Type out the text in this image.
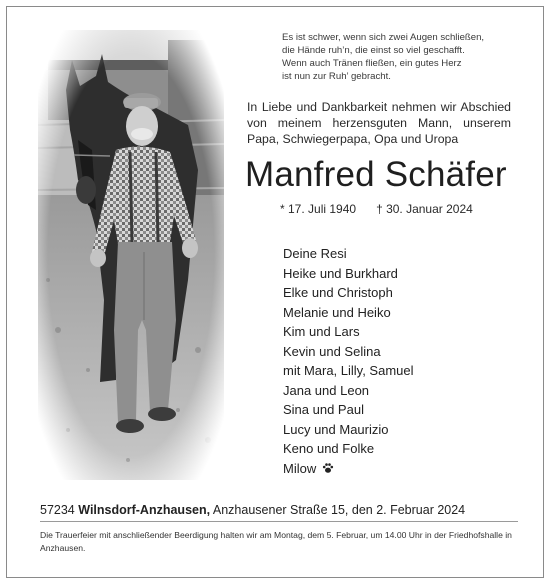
Es ist schwer, wenn sich zwei Augen schließen,
die Hände ruh’n, die einst so viel geschafft.
Wenn auch Tränen fließen, ein gutes Herz
ist nun zur Ruh’ gebracht.
In Liebe und Dankbarkeit nehmen wir Abschied
von meinem herzensguten Mann, unserem
Papa, Schwiegerpapa, Opa und Uropa
Manfred Schäfer
* 17. Juli 1940 † 30. Januar 2024
Deine Resi
Heike und Burkhard
Elke und Christoph
Melanie und Heiko
Kim und Lars
Kevin und Selina
mit Mara, Lilly, Samuel
Jana und Leon
Sina und Paul
Lucy und Maurizio
Keno und Folke
Milow
57234 Wilnsdorf-Anzhausen, Anzhausener Straße 15, den 2. Februar 2024
Die Trauerfeier mit anschließender Beerdigung halten wir am Montag, dem 5. Februar, um 14.00 Uhr in der Friedhofshalle in Anzhausen.
